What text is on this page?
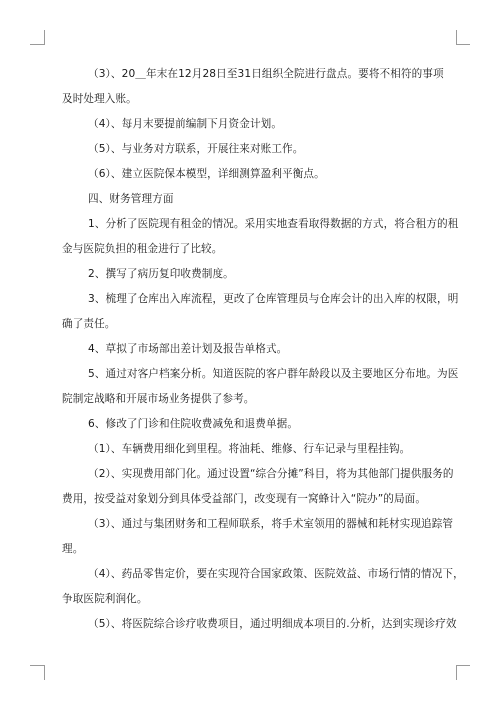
（3）、20＿年末在12月28日至31日组织全院进行盘点。要将不相符的事项

及时处理入账。

（4）、每月末要提前编制下月资金计划。

（5）、与业务对方联系，开展往来对账工作。

（6）、建立医院保本模型，详细测算盈利平衡点。

四、财务管理方面

1、分析了医院现有租金的情况。采用实地查看取得数据的方式，将合租方的租

金与医院负担的租金进行了比较。

2、撰写了病历复印收费制度。

3、梳理了仓库出入库流程，更改了仓库管理员与仓库会计的出入库的权限，明

确了责任。

4、草拟了市场部出差计划及报告单格式。

5、通过对客户档案分析。知道医院的客户群年龄段以及主要地区分布地。为医

院制定战略和开展市场业务提供了参考。

6、修改了门诊和住院收费减免和退费单据。

（1）、车辆费用细化到里程。将油耗、维修、行车记录与里程挂钩。

（2）、实现费用部门化。通过设置“综合分摊”科目，将为其他部门提供服务的

费用，按受益对象划分到具体受益部门，改变现有一窝蜂计入“院办”的局面。

（3）、通过与集团财务和工程师联系，将手术室领用的器械和耗材实现追踪管

理。

（4）、药品零售定价，要在实现符合国家政策、医院效益、市场行情的情况下，

争取医院利润化。

（5）、将医院综合诊疗收费项目，通过明细成本项目的.分析，达到实现诊疗效
